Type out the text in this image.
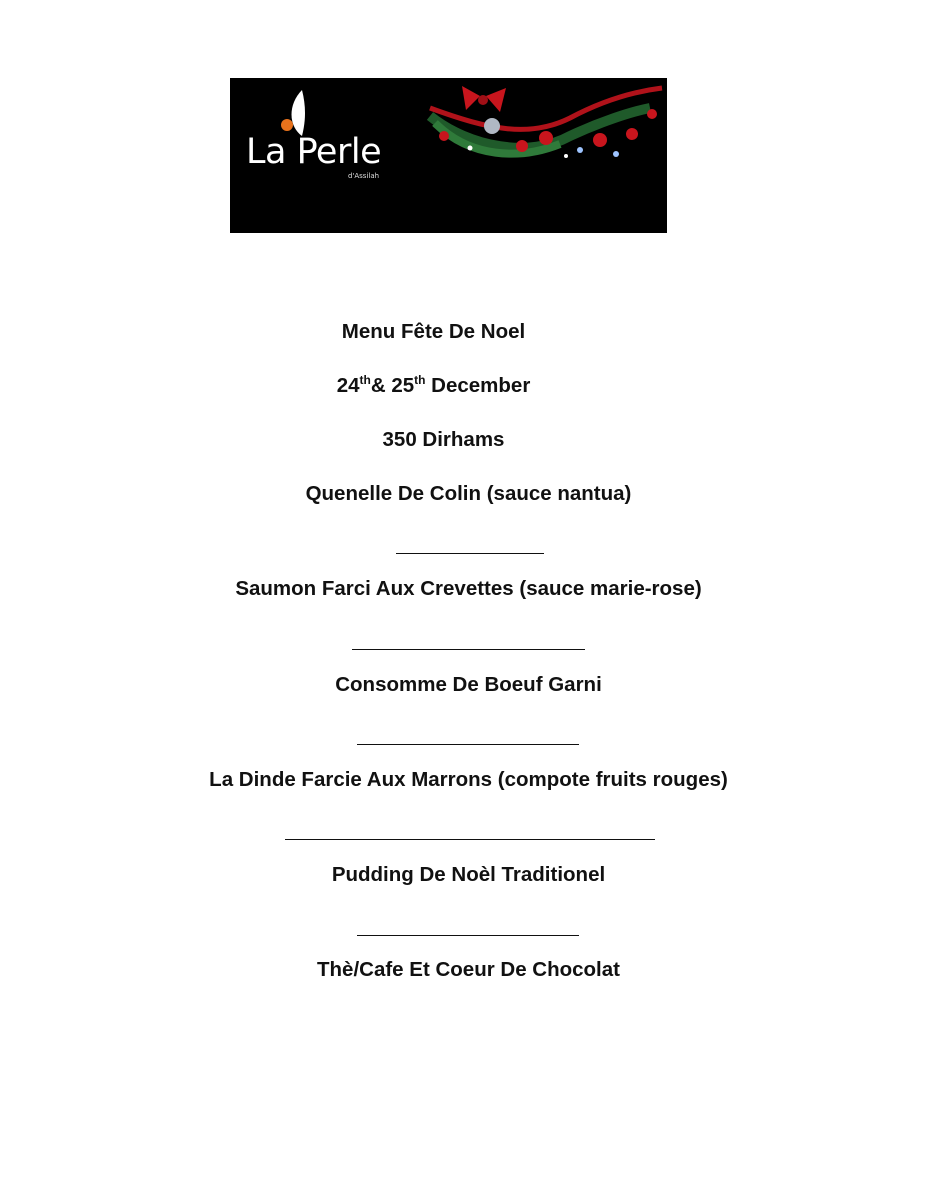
La Perle
d'Assilah
Menu Fête De Noel
24th& 25th December
350 Dirhams
Quenelle De Colin (sauce nantua)
Saumon Farci Aux Crevettes (sauce marie-rose)
Consomme De Boeuf Garni
La Dinde Farcie Aux Marrons (compote fruits rouges)
Pudding De Noèl Traditionel
Thè/Cafe Et Coeur De Chocolat
